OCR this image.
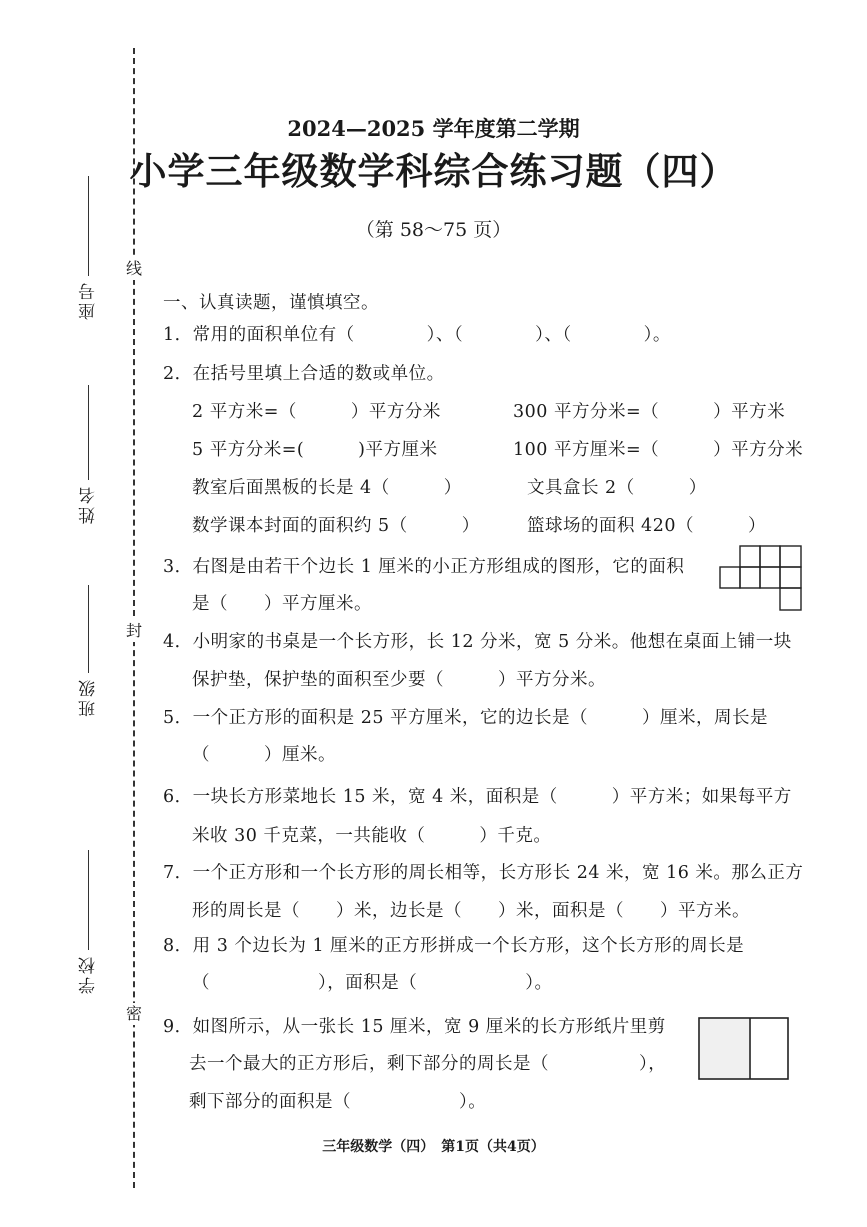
线
封
密
座号
姓名
班级
学校
2024—2025 学年度第二学期
小学三年级数学科综合练习题（四）
（第 58～75 页）
一、认真读题，谨慎填空。
1．常用的面积单位有（　　　　）、（　　　　）、（　　　　）。
2．在括号里填上合适的数或单位。
2 平方米=（　　　）平方分米	300 平方分米=（　　　）平方米
5 平方分米=(　　　)平方厘米	100 平方厘米=（　　　）平方分米
教室后面黑板的长是 4（　　　）	文具盒长 2（　　　）
数学课本封面的面积约 5（　　　）	篮球场的面积 420（　　　）
3．右图是由若干个边长 1 厘米的小正方形组成的图形，它的面积
是（　　）平方厘米。
4．小明家的书桌是一个长方形，长 12 分米，宽 5 分米。他想在桌面上铺一块
保护垫，保护垫的面积至少要（　　　）平方分米。
5．一个正方形的面积是 25 平方厘米，它的边长是（　　　）厘米，周长是
（　　　）厘米。
6．一块长方形菜地长 15 米，宽 4 米，面积是（　　　）平方米；如果每平方
米收 30 千克菜，一共能收（　　　）千克。
7．一个正方形和一个长方形的周长相等，长方形长 24 米，宽 16 米。那么正方
形的周长是（　　）米，边长是（　　）米，面积是（　　）平方米。
8．用 3 个边长为 1 厘米的正方形拼成一个长方形，这个长方形的周长是
（　　　　　　），面积是（　　　　　　）。
9．如图所示，从一张长 15 厘米，宽 9 厘米的长方形纸片里剪
去一个最大的正方形后，剩下部分的周长是（　　　　　），
剩下部分的面积是（　　　　　　）。
三年级数学（四）　第1页（共4页）
